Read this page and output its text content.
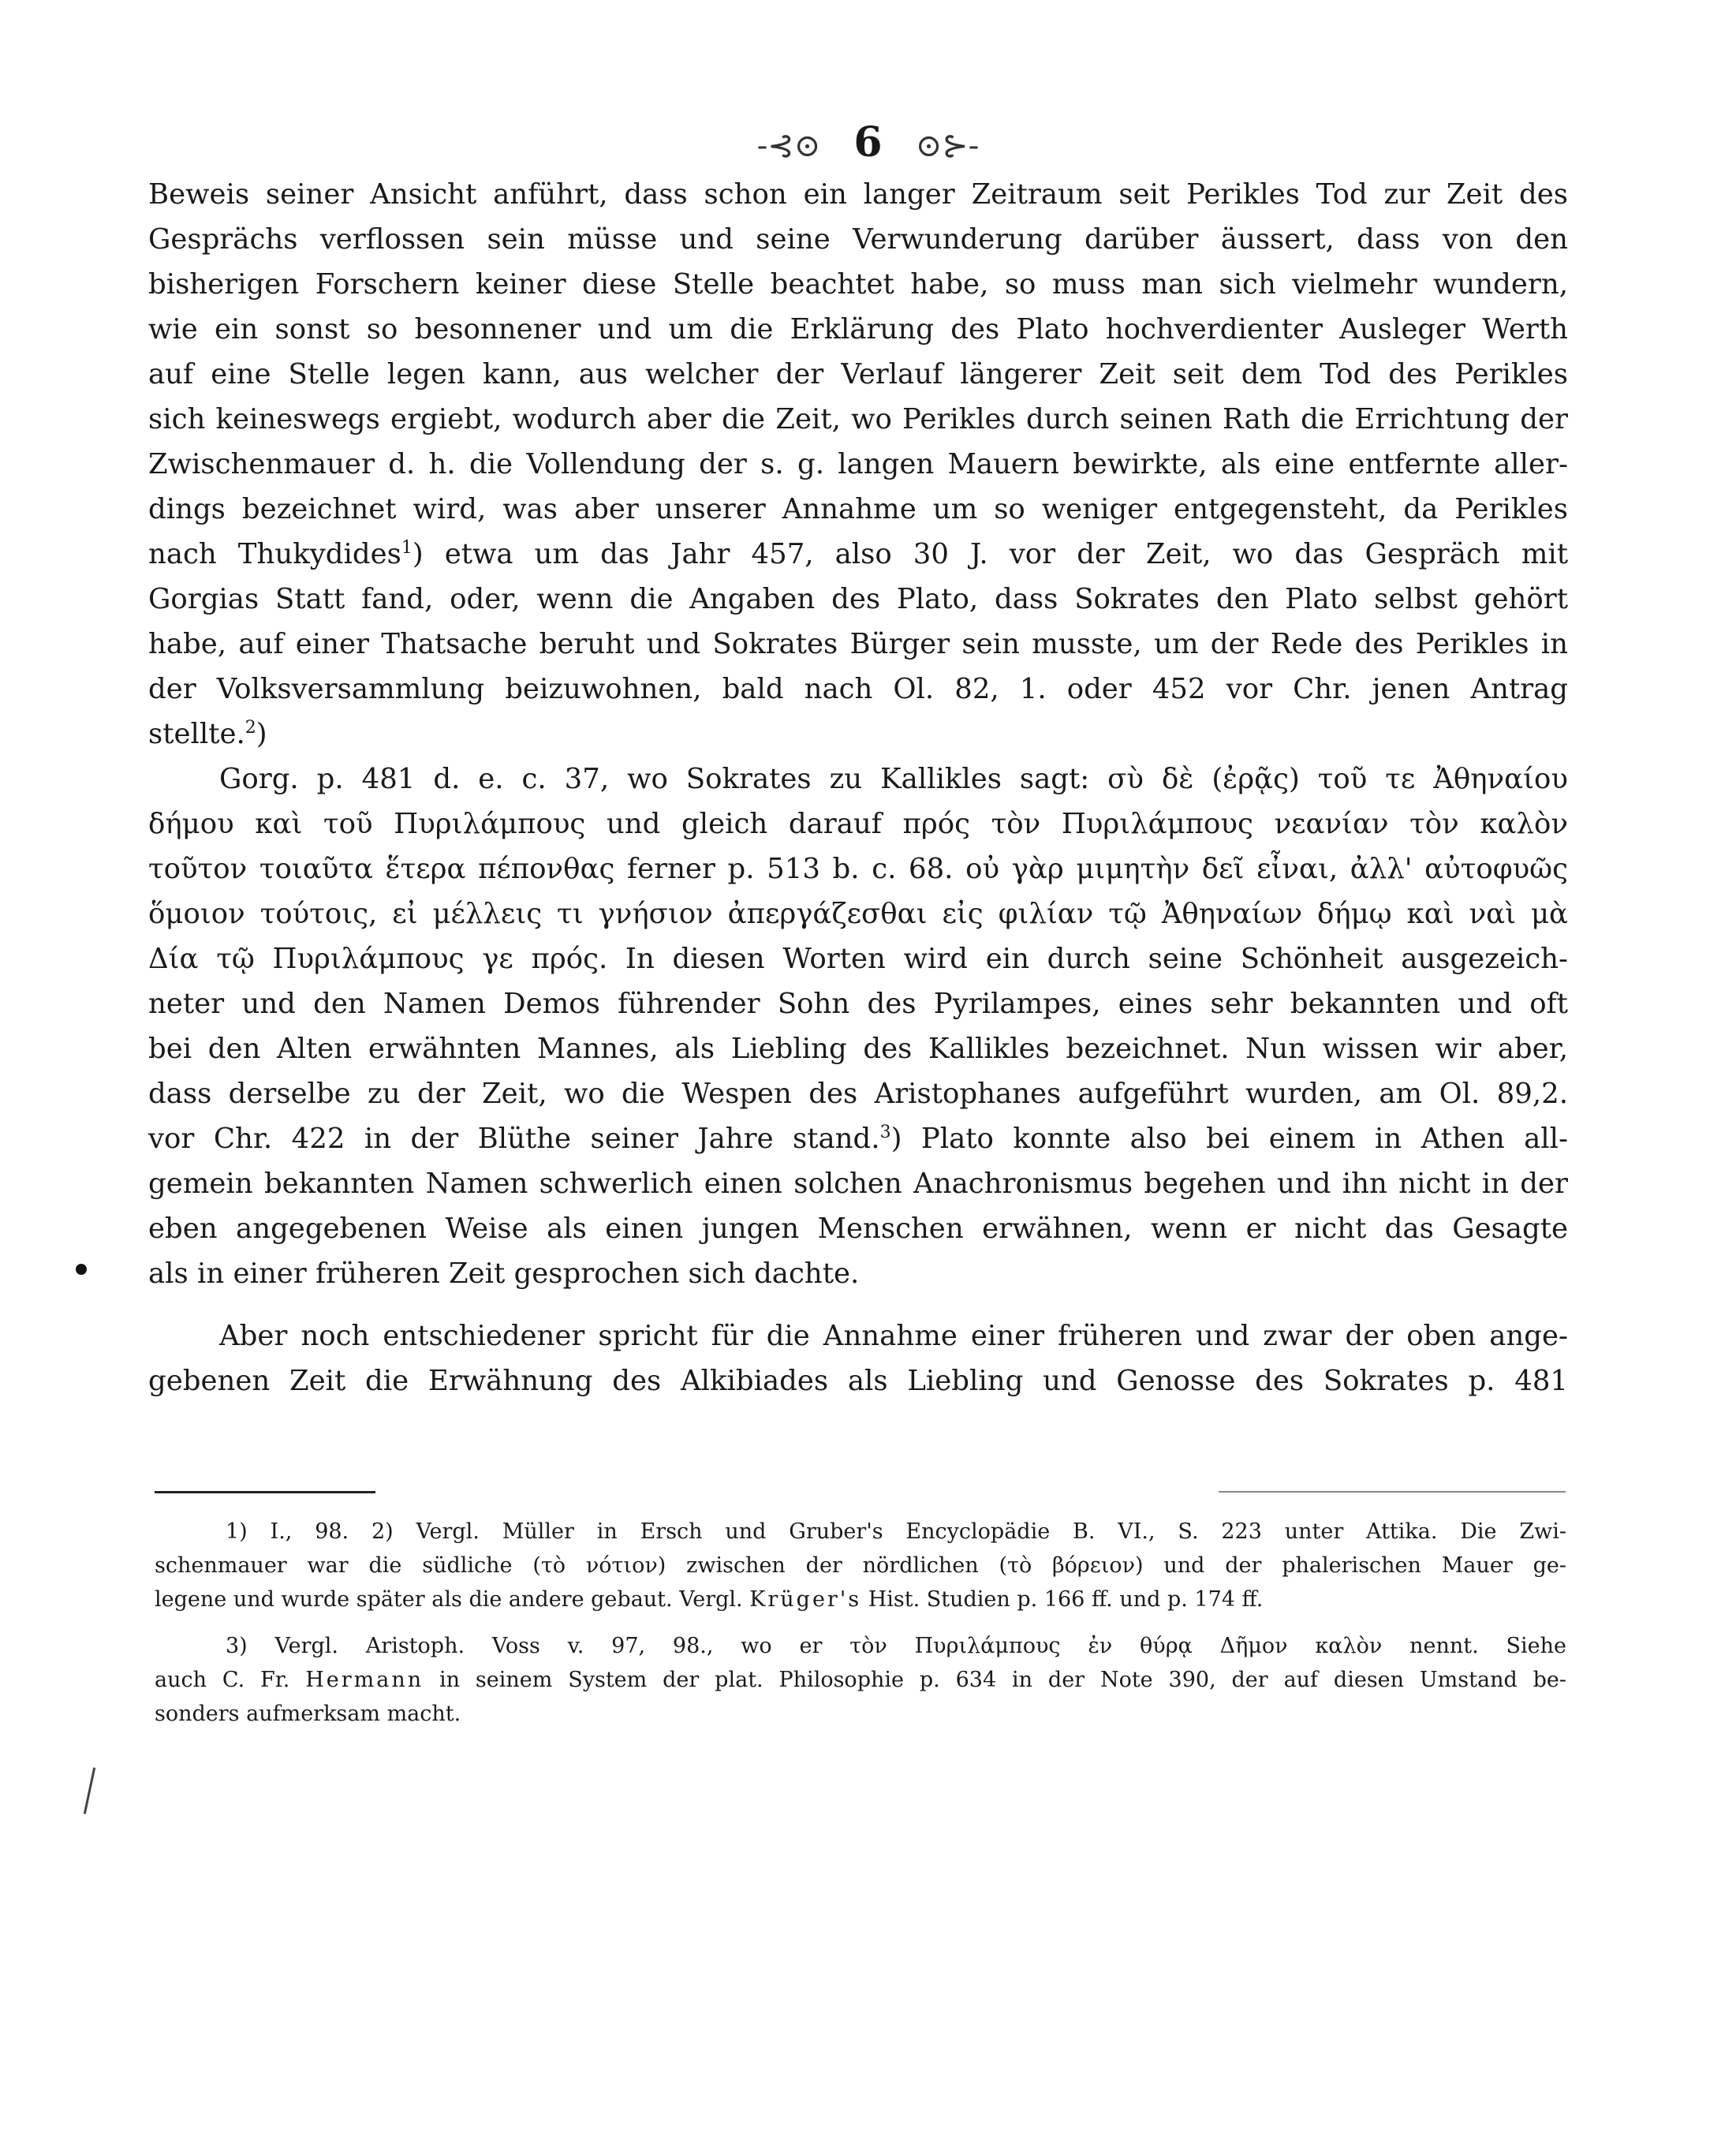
-⊰⊙ 6 ⊙⊱-
Beweis seiner Ansicht anführt, dass schon ein langer Zeitraum seit Perikles Tod zur Zeit des
Gesprächs verflossen sein müsse und seine Verwunderung darüber äussert, dass von den
bisherigen Forschern keiner diese Stelle beachtet habe, so muss man sich vielmehr wundern,
wie ein sonst so besonnener und um die Erklärung des Plato hochverdienter Ausleger Werth
auf eine Stelle legen kann, aus welcher der Verlauf längerer Zeit seit dem Tod des Perikles
sich keineswegs ergiebt, wodurch aber die Zeit, wo Perikles durch seinen Rath die Errichtung der
Zwischenmauer d. h. die Vollendung der s. g. langen Mauern bewirkte, als eine entfernte aller-
dings bezeichnet wird, was aber unserer Annahme um so weniger entgegensteht, da Perikles
nach Thukydides$^1$) etwa um das Jahr 457, also 30 J. vor der Zeit, wo das Gespräch mit
Gorgias Statt fand, oder, wenn die Angaben des Plato, dass Sokrates den Plato selbst gehört
habe, auf einer Thatsache beruht und Sokrates Bürger sein musste, um der Rede des Perikles in
der Volksversammlung beizuwohnen, bald nach Ol. 82, 1. oder 452 vor Chr. jenen Antrag
stellte.$^2$)
Gorg. p. 481 d. e. c. 37, wo Sokrates zu Kallikles sagt: σὺ δὲ (ἐρᾷς) τοῦ τε Ἀθηναίου
δήμου καὶ τοῦ Πυριλάμπους und gleich darauf πρός τὸν Πυριλάμπους νεανίαν τὸν καλὸν
τοῦτον τοιαῦτα ἕτερα πέπονθας ferner p. 513 b. c. 68. οὐ γὰρ μιμητὴν δεῖ εἶναι, ἀλλ' αὐτοφυῶς
ὅμοιον τούτοις, εἰ μέλλεις τι γνήσιον ἀπεργάζεσθαι εἰς φιλίαν τῷ Ἀθηναίων δήμῳ καὶ ναὶ μὰ
Δία τῷ Πυριλάμπους γε πρός. In diesen Worten wird ein durch seine Schönheit ausgezeich-
neter und den Namen Demos führender Sohn des Pyrilampes, eines sehr bekannten und oft
bei den Alten erwähnten Mannes, als Liebling des Kallikles bezeichnet. Nun wissen wir aber,
dass derselbe zu der Zeit, wo die Wespen des Aristophanes aufgeführt wurden, am Ol. 89,2.
vor Chr. 422 in der Blüthe seiner Jahre stand.$^3$) Plato konnte also bei einem in Athen all-
gemein bekannten Namen schwerlich einen solchen Anachronismus begehen und ihn nicht in der
eben angegebenen Weise als einen jungen Menschen erwähnen, wenn er nicht das Gesagte
als in einer früheren Zeit gesprochen sich dachte.
Aber noch entschiedener spricht für die Annahme einer früheren und zwar der oben ange-
gebenen Zeit die Erwähnung des Alkibiades als Liebling und Genosse des Sokrates p. 481
1) I., 98. 2) Vergl. Müller in Ersch und Gruber's Encyclopädie B. VI., S. 223 unter Attika. Die Zwi-
schenmauer war die südliche (τὸ νότιον) zwischen der nördlichen (τὸ βόρειον) und der phalerischen Mauer ge-
legene und wurde später als die andere gebaut. Vergl. Krüger's Hist. Studien p. 166 ff. und p. 174 ff.
3) Vergl. Aristoph. Voss v. 97, 98., wo er τὸν Πυριλάμπους ἐν θύρᾳ Δῆμον καλὸν nennt. Siehe
auch C. Fr. Hermann in seinem System der plat. Philosophie p. 634 in der Note 390, der auf diesen Umstand be-
sonders aufmerksam macht.
